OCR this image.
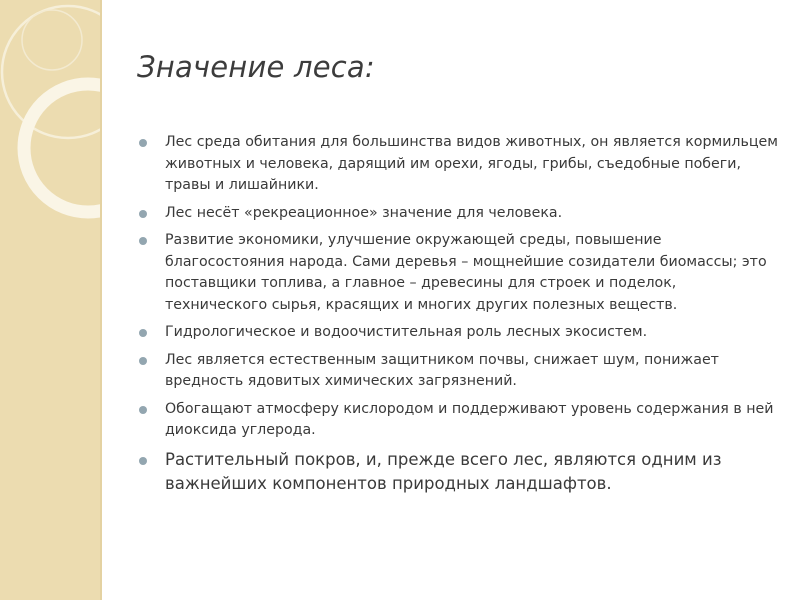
Значение леса:
Лес среда обитания для большинства видов животных, он является кормильцем животных и человека, дарящий им орехи, ягоды, грибы, съедобные побеги, травы и лишайники.
Лес несёт «рекреационное» значение для человека.
Развитие экономики, улучшение окружающей среды, повышение благосостояния народа. Сами деревья – мощнейшие созидатели биомассы; это поставщики топлива, а главное – древесины для строек и поделок, технического сырья, красящих и многих других полезных веществ.
Гидрологическое и водоочистительная роль лесных экосистем.
Лес является естественным защитником почвы, снижает шум, понижает вредность ядовитых химических загрязнений.
Обогащают атмосферу кислородом и поддерживают уровень содержания в ней диоксида углерода.
Растительный покров, и, прежде всего лес, являются одним из важнейших компонентов природных ландшафтов.
